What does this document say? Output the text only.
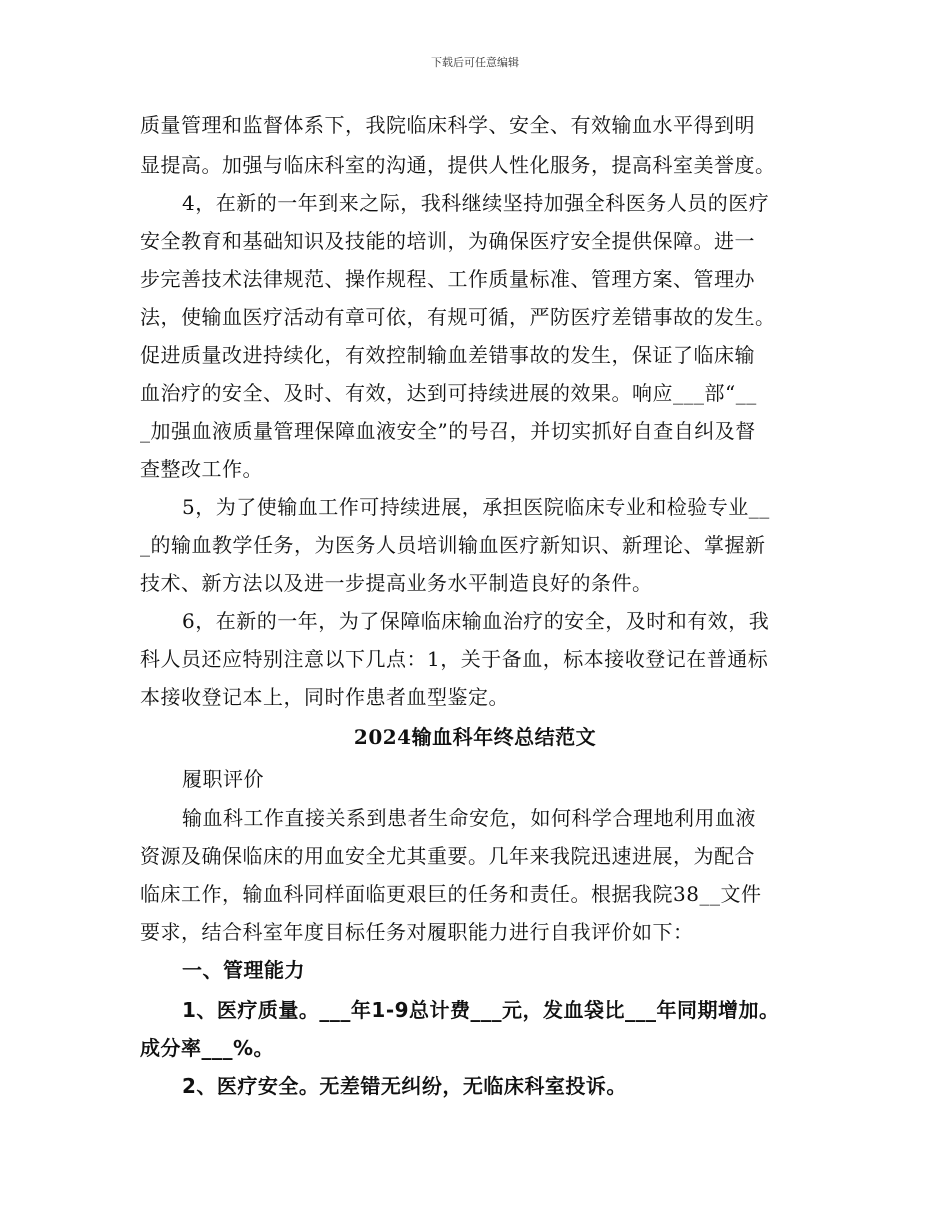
下载后可任意编辑
质量管理和监督体系下，我院临床科学、安全、有效输血水平得到明
显提高。加强与临床科室的沟通，提供人性化服务，提高科室美誉度。
4，在新的一年到来之际，我科继续坚持加强全科医务人员的医疗
安全教育和基础知识及技能的培训，为确保医疗安全提供保障。进一
步完善技术法律规范、操作规程、工作质量标准、管理方案、管理办
法，使输血医疗活动有章可依，有规可循，严防医疗差错事故的发生。
促进质量改进持续化，有效控制输血差错事故的发生，保证了临床输
血治疗的安全、及时、有效，达到可持续进展的效果。响应___部“__
_加强血液质量管理保障血液安全”的号召，并切实抓好自查自纠及督
查整改工作。
5，为了使输血工作可持续进展，承担医院临床专业和检验专业__
_的输血教学任务，为医务人员培训输血医疗新知识、新理论、掌握新
技术、新方法以及进一步提高业务水平制造良好的条件。
6，在新的一年，为了保障临床输血治疗的安全，及时和有效，我
科人员还应特别注意以下几点：1，关于备血，标本接收登记在普通标
本接收登记本上，同时作患者血型鉴定。
2024输血科年终总结范文
履职评价
输血科工作直接关系到患者生命安危，如何科学合理地利用血液
资源及确保临床的用血安全尤其重要。几年来我院迅速进展，为配合
临床工作，输血科同样面临更艰巨的任务和责任。根据我院38__文件
要求，结合科室年度目标任务对履职能力进行自我评价如下：
一、管理能力
1、医疗质量。___年1-9总计费___元，发血袋比___年同期增加。
成分率___%。
2、医疗安全。无差错无纠纷，无临床科室投诉。
